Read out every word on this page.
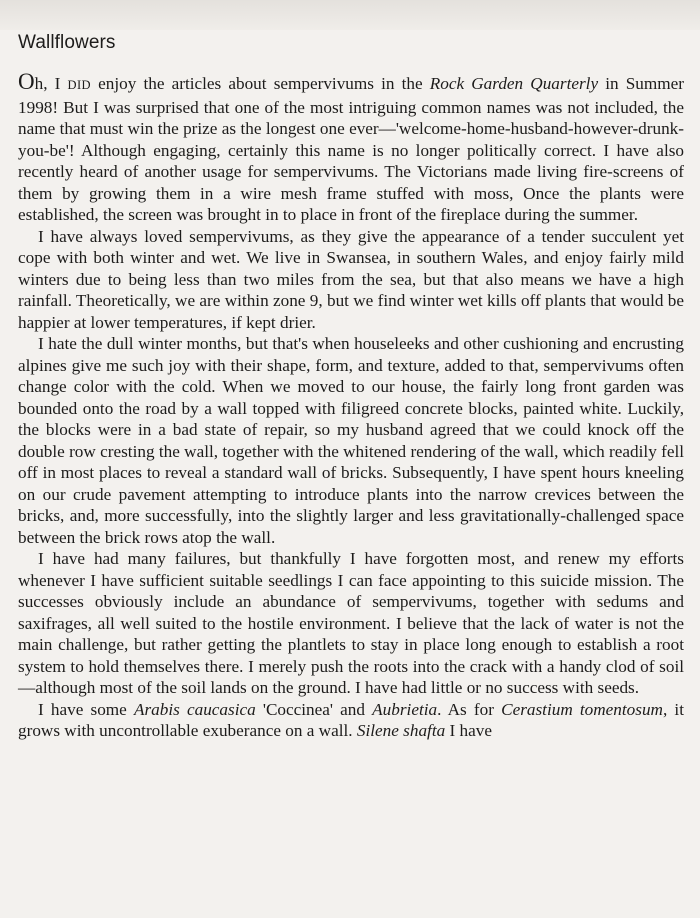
Wallflowers

Oh, I DID enjoy the articles about sempervivums in the Rock Garden Quarterly in Summer 1998! But I was surprised that one of the most intriguing common names was not included, the name that must win the prize as the longest one ever—'welcome-home-husband-however-drunk-you-be'! Although engaging, certainly this name is no longer politically correct. I have also recently heard of another usage for sempervivums. The Victorians made living fire-screens of them by growing them in a wire mesh frame stuffed with moss, Once the plants were established, the screen was brought in to place in front of the fireplace during the summer.

I have always loved sempervivums, as they give the appearance of a tender succulent yet cope with both winter and wet. We live in Swansea, in southern Wales, and enjoy fairly mild winters due to being less than two miles from the sea, but that also means we have a high rainfall. Theoretically, we are within zone 9, but we find winter wet kills off plants that would be happier at lower temperatures, if kept drier.

I hate the dull winter months, but that's when houseleeks and other cushioning and encrusting alpines give me such joy with their shape, form, and texture, added to that, sempervivums often change color with the cold. When we moved to our house, the fairly long front garden was bounded onto the road by a wall topped with filigreed concrete blocks, painted white. Luckily, the blocks were in a bad state of repair, so my husband agreed that we could knock off the double row cresting the wall, together with the whitened rendering of the wall, which readily fell off in most places to reveal a standard wall of bricks. Subsequently, I have spent hours kneeling on our crude pavement attempting to introduce plants into the narrow crevices between the bricks, and, more successfully, into the slightly larger and less gravitationally-challenged space between the brick rows atop the wall.

I have had many failures, but thankfully I have forgotten most, and renew my efforts whenever I have sufficient suitable seedlings I can face appointing to this suicide mission. The successes obviously include an abundance of sempervivums, together with sedums and saxifrages, all well suited to the hostile environment. I believe that the lack of water is not the main challenge, but rather getting the plantlets to stay in place long enough to establish a root system to hold themselves there. I merely push the roots into the crack with a handy clod of soil—although most of the soil lands on the ground. I have had little or no success with seeds.

I have some Arabis caucasica 'Coccinea' and Aubrietia. As for Cerastium tomentosum, it grows with uncontrollable exuberance on a wall. Silene shafta I have
